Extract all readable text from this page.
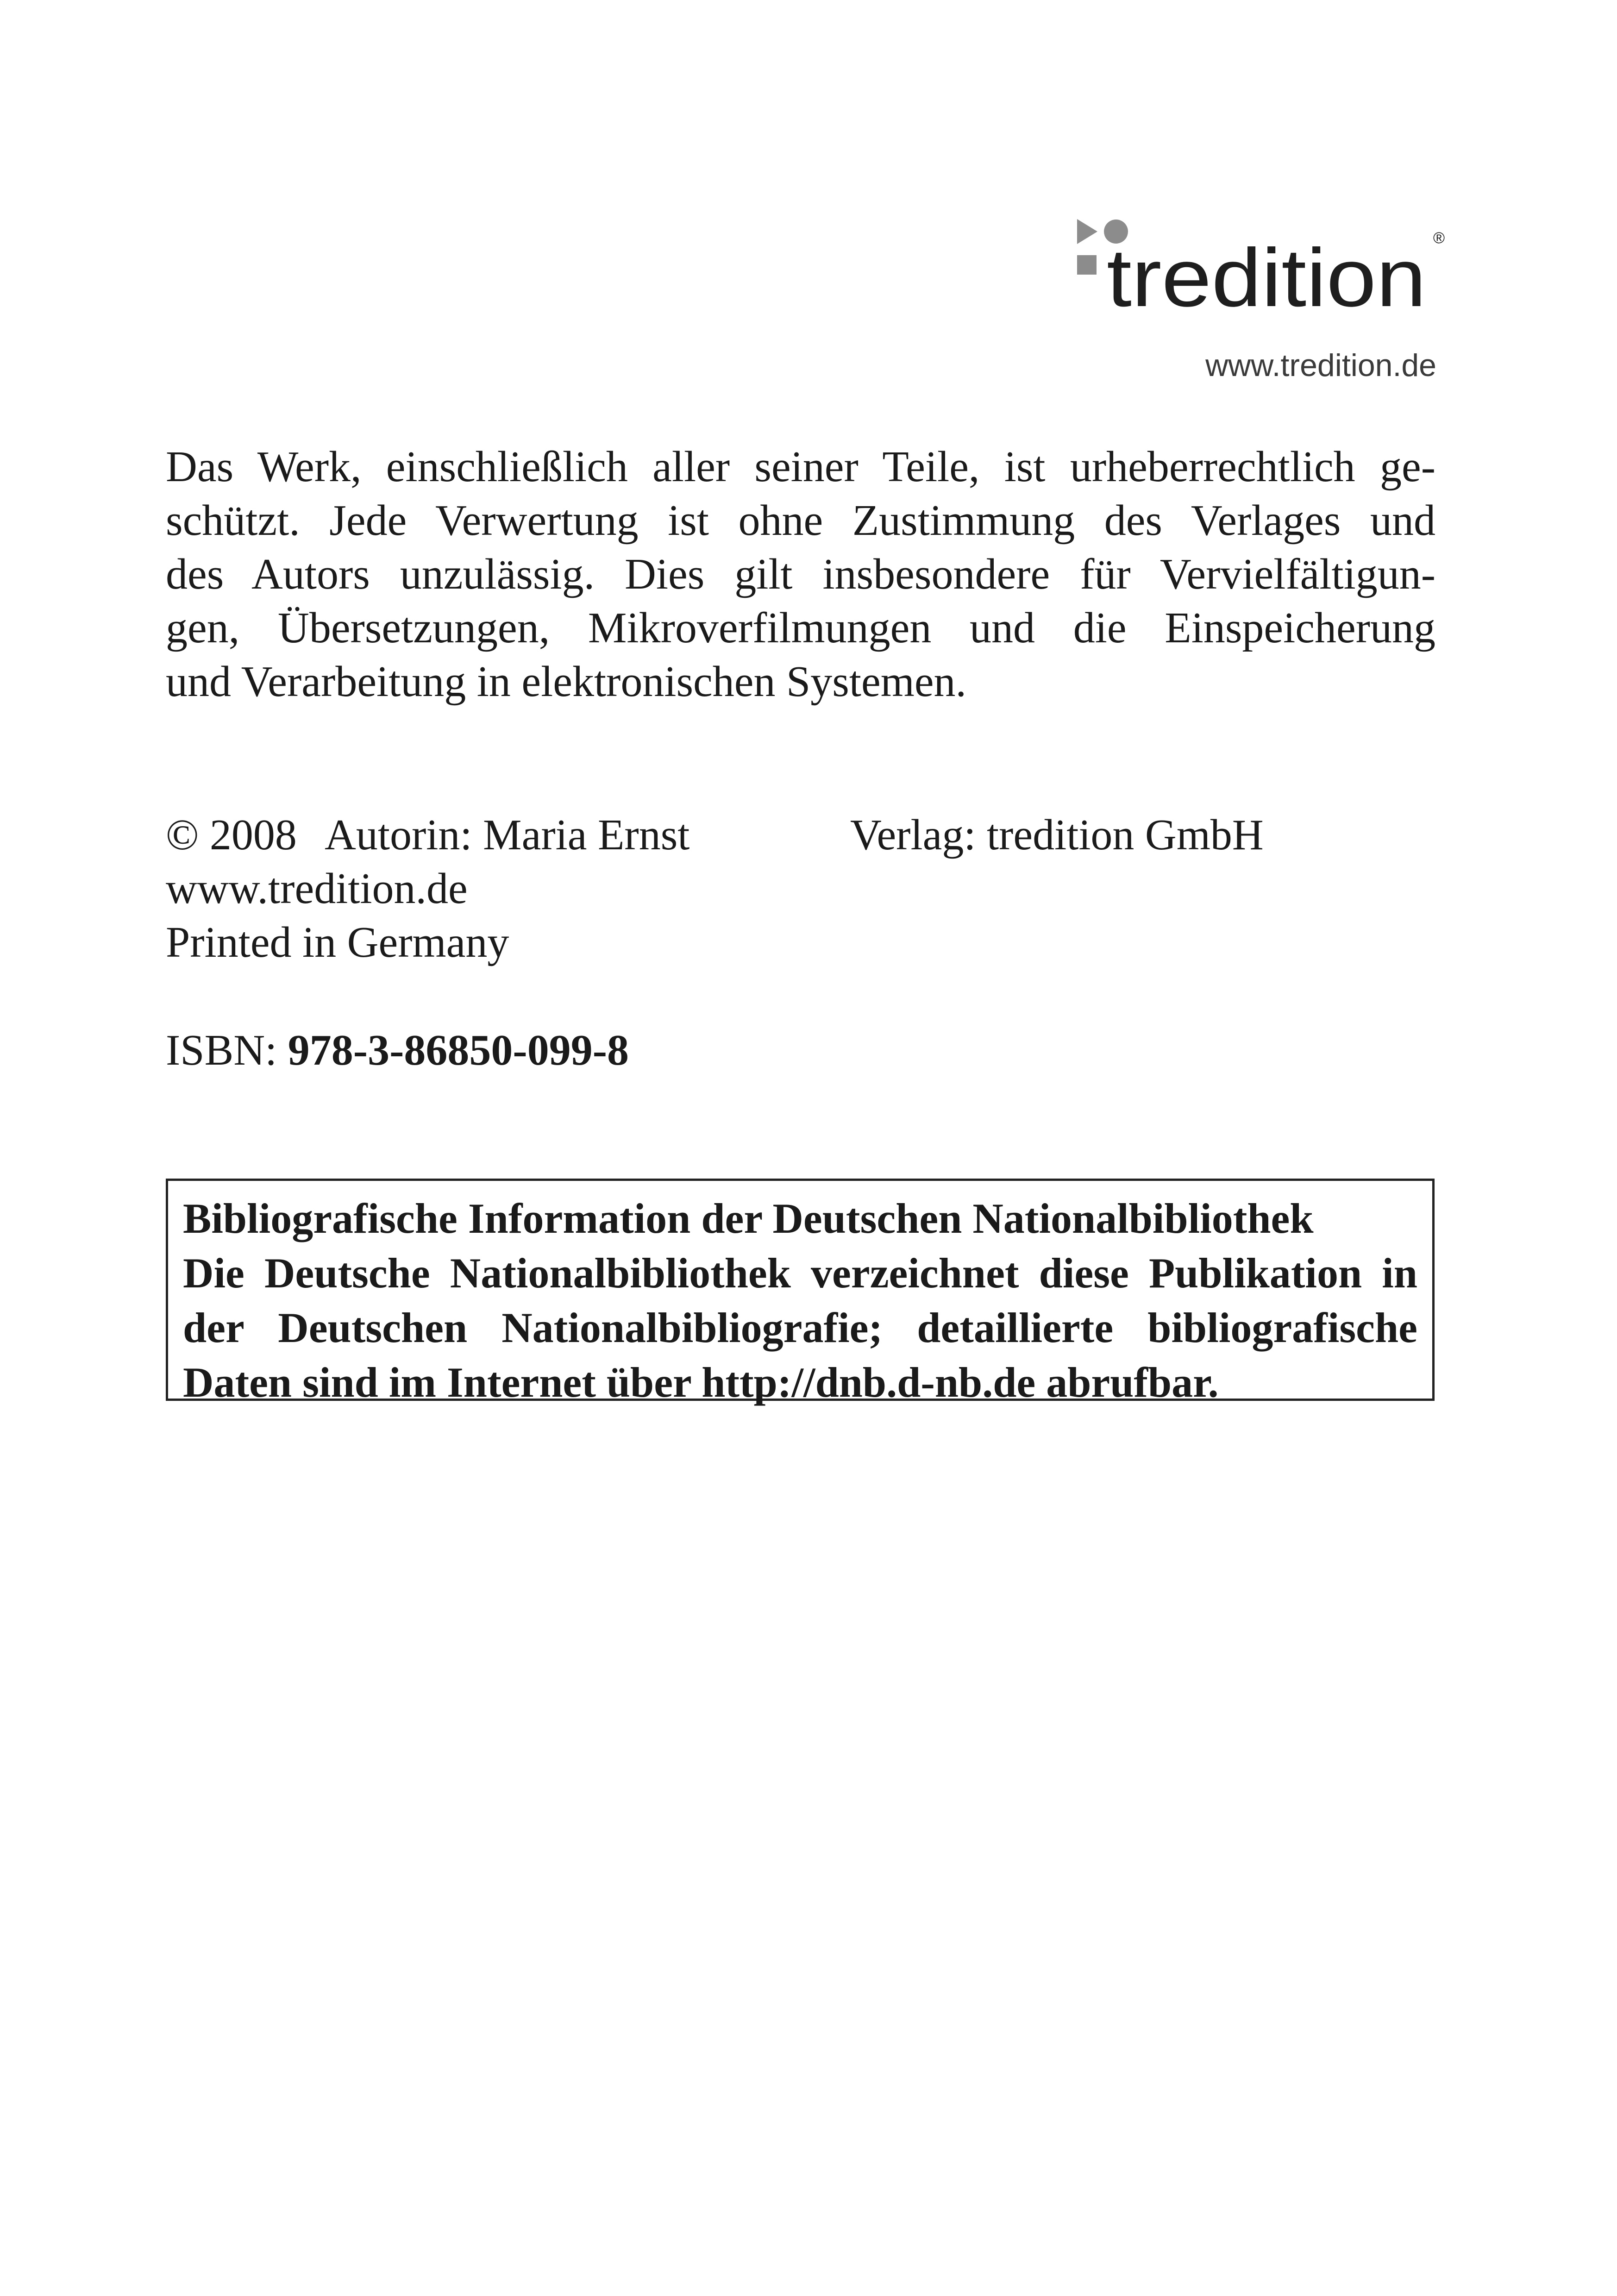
tredition ®
www.tredition.de
Das Werk, einschließlich aller seiner Teile, ist urheberrechtlich ge-
schützt. Jede Verwertung ist ohne Zustimmung des Verlages und
des Autors unzulässig. Dies gilt insbesondere für Vervielfältigun-
gen, Übersetzungen, Mikroverfilmungen und die Einspeicherung
und Verarbeitung in elektronischen Systemen.
© 2008 Autorin: Maria Ernst	Verlag: tredition GmbH
www.tredition.de
Printed in Germany
ISBN: 978-3-86850-099-8
Bibliografische Information der Deutschen Nationalbibliothek
Die Deutsche Nationalbibliothek verzeichnet diese Publikation in
der Deutschen Nationalbibliografie; detaillierte bibliografische
Daten sind im Internet über http://dnb.d-nb.de abrufbar.
